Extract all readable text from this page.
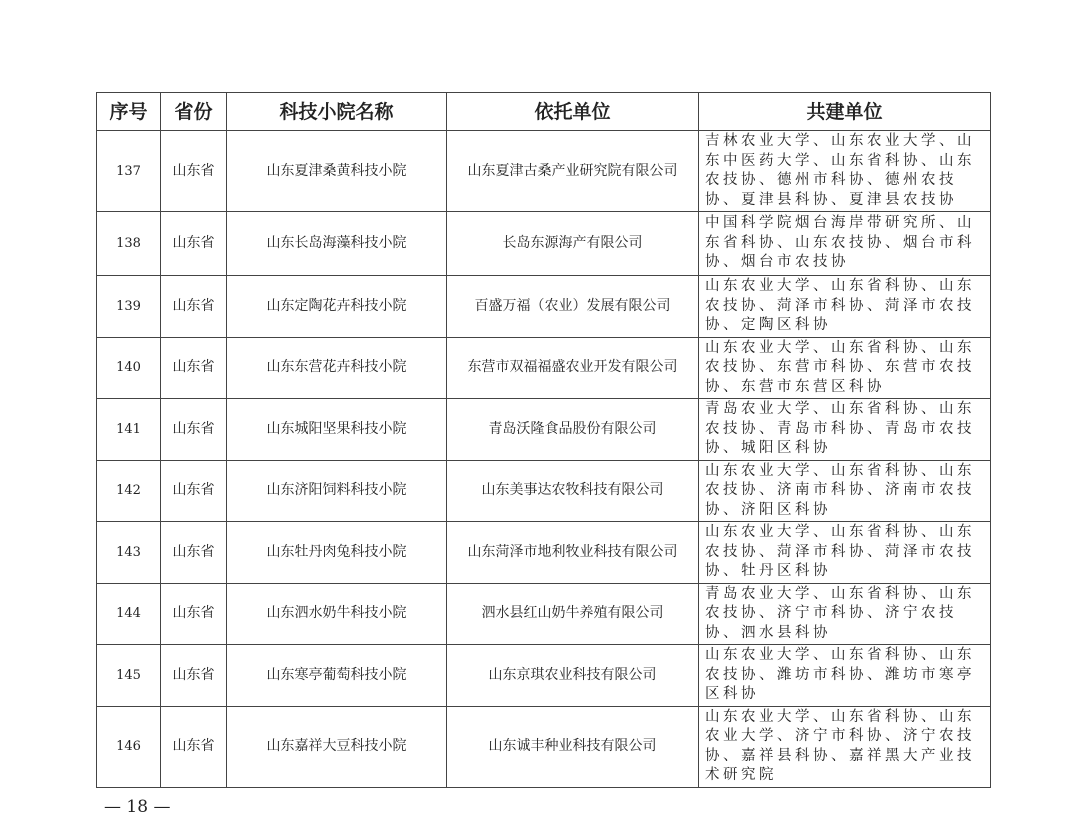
序号	省份	科技小院名称	依托单位	共建单位
137	山东省	山东夏津桑黄科技小院	山东夏津古桑产业研究院有限公司	吉林农业大学、山东农业大学、山东中医药大学、山东省科协、山东农技协、德州市科协、德州农技协、夏津县科协、夏津县农技协
138	山东省	山东长岛海藻科技小院	长岛东源海产有限公司	中国科学院烟台海岸带研究所、山东省科协、山东农技协、烟台市科协、烟台市农技协
139	山东省	山东定陶花卉科技小院	百盛万福（农业）发展有限公司	山东农业大学、山东省科协、山东农技协、菏泽市科协、菏泽市农技协、定陶区科协
140	山东省	山东东营花卉科技小院	东营市双福福盛农业开发有限公司	山东农业大学、山东省科协、山东农技协、东营市科协、东营市农技协、东营市东营区科协
141	山东省	山东城阳坚果科技小院	青岛沃隆食品股份有限公司	青岛农业大学、山东省科协、山东农技协、青岛市科协、青岛市农技协、城阳区科协
142	山东省	山东济阳饲料科技小院	山东美事达农牧科技有限公司	山东农业大学、山东省科协、山东农技协、济南市科协、济南市农技协、济阳区科协
143	山东省	山东牡丹肉兔科技小院	山东菏泽市地利牧业科技有限公司	山东农业大学、山东省科协、山东农技协、菏泽市科协、菏泽市农技协、牡丹区科协
144	山东省	山东泗水奶牛科技小院	泗水县红山奶牛养殖有限公司	青岛农业大学、山东省科协、山东农技协、济宁市科协、济宁农技协、泗水县科协
145	山东省	山东寒亭葡萄科技小院	山东京琪农业科技有限公司	山东农业大学、山东省科协、山东农技协、潍坊市科协、潍坊市寒亭区科协
146	山东省	山东嘉祥大豆科技小院	山东诚丰种业科技有限公司	山东农业大学、山东省科协、山东农业大学、济宁市科协、济宁农技协、嘉祥县科协、嘉祥黑大产业技术研究院
— 18 —
